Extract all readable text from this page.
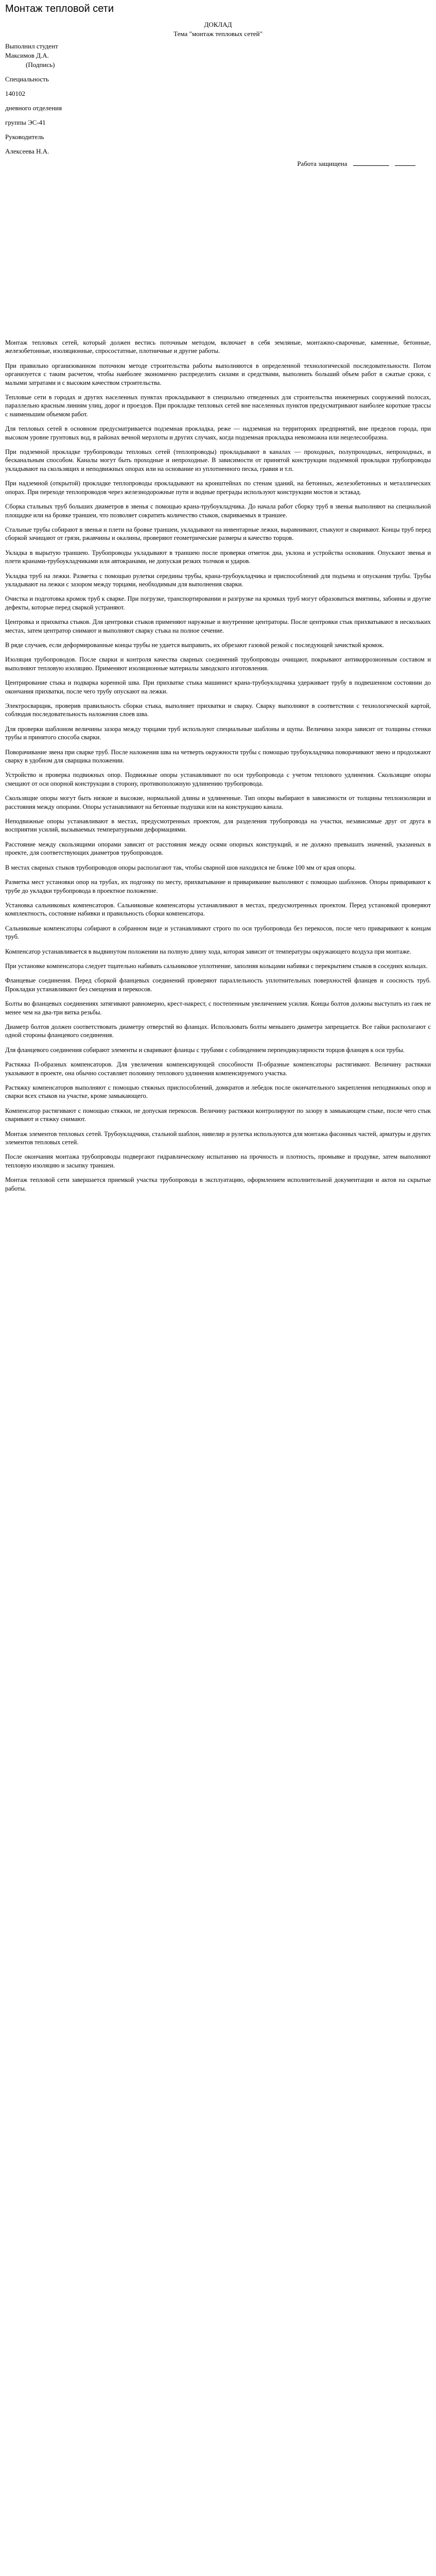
Монтаж тепловой сети
ДОКЛАД
Тема "монтаж тепловых сетей"
Выполнил студент
Максимов Д.А.
(Подпись)
Специальность
140102
дневного отделения
группы ЭС-41
Руководитель
Алексеева Н.А.
Работа защищена

Монтаж тепловых сетей, который должен вестись поточным методом, включает в себя земляные, монтажно-сварочные, каменные, бетонные, железобетонные, изоляционные, спросостатные, плотничные и другие работы.

При правильно организованном поточном методе строительства работы выполняются в определенной технологической последовательности. Потом организуется с таким расчетом, чтобы наиболее экономично распределить силами и средствами, выполнить больший объем работ в сжатые сроки, с малыми затратами и с высоким качеством строительства.

Тепловые сети в городах и других населенных пунктах прокладывают в специально отведенных для строительства инженерных сооружений полосах, параллельно красным линиям улиц, дорог и проездов. При прокладке тепловых сетей вне населенных пунктов предусматривают наиболее короткие трассы с наименьшим объемом работ.

Для тепловых сетей в основном предусматривается подземная прокладка, реже — надземная на территориях предприятий, вне пределов города, при высоком уровне грунтовых вод, в районах вечной мерзлоты и других случаях, когда подземная прокладка невозможна или нецелесообразна.

При подземной прокладке трубопроводы тепловых сетей (теплопроводы) прокладывают в каналах — проходных, полупроходных, непроходных, и бесканальным способом. Каналы могут быть проходные и непроходные. В зависимости от принятой конструкции подземной прокладки трубопроводы укладывают на скользящих и неподвижных опорах или на основание из уплотненного песка, гравия и т.п.

При надземной (открытой) прокладке теплопроводы прокладывают на кронштейнах по стенам зданий, на бетонных, железобетонных и металлических опорах. При переходе теплопроводов через железнодорожные пути и водные преграды используют конструкции мостов и эстакад.

Сборка стальных труб больших диаметров в звенья с помощью крана-трубоукладчика. До начала работ сборку труб в звенья выполняют на специальной площадке или на бровке траншеи, что позволяет сократить количество стыков, свариваемых в траншее.

Стальные трубы собирают в звенья и плети на бровке траншеи, укладывают на инвентарные лежки, выравнивают, стыкуют и сваривают. Концы труб перед сборкой зачищают от грязи, ржавчины и окалины, проверяют геометрические размеры и качество торцов.

Укладка в вырытую траншею. Трубопроводы укладывают в траншею после проверки отметок дна, уклона и устройства основания. Опускают звенья и плети кранами-трубоукладчиками или автокранами, не допуская резких толчков и ударов.

Укладка труб на лежки. Разметка с помощью рулетки середины трубы, крана-трубоукладчика и приспособлений для подъема и опускания трубы. Трубы укладывают на лежки с зазором между торцами, необходимым для выполнения сварки.

Очистка и подготовка кромок труб к сварке. При погрузке, транспортировании и разгрузке на кромках труб могут образоваться вмятины, забоины и другие дефекты, которые перед сваркой устраняют.

Центровка и прихватка стыков. Для центровки стыков применяют наружные и внутренние центраторы. После центровки стык прихватывают в нескольких местах, затем центратор снимают и выполняют сварку стыка на полное сечение.

В ряде случаев, если деформированные концы трубы не удается выправить, их обрезают газовой резкой с последующей зачисткой кромок.

Изоляция трубопроводов. После сварки и контроля качества сварных соединений трубопроводы очищают, покрывают антикоррозионным составом и выполняют тепловую изоляцию. Применяют изоляционные материалы заводского изготовления.

Центрирование стыка и подварка коренной шва. При прихватке стыка машинист крана-трубоукладчика удерживает трубу в подвешенном состоянии до окончания прихватки, после чего трубу опускают на лежки.

Электросварщик, проверив правильность сборки стыка, выполняет прихватки и сварку. Сварку выполняют в соответствии с технологической картой, соблюдая последовательность наложения слоев шва.

Для проверки шаблоном величины зазора между торцами труб используют специальные шаблоны и щупы. Величина зазора зависит от толщины стенки трубы и принятого способа сварки.

Поворачивание звена при сварке труб. После наложения шва на четверть окружности трубы с помощью трубоукладчика поворачивают звено и продолжают сварку в удобном для сварщика положении.

Устройство и проверка подвижных опор. Подвижные опоры устанавливают по оси трубопровода с учетом теплового удлинения. Скользящие опоры смещают от оси опорной конструкции в сторону, противоположную удлинению трубопровода.

Скользящие опоры могут быть низкие и высокие, нормальной длины и удлиненные. Тип опоры выбирают в зависимости от толщины теплоизоляции и расстояния между опорами. Опоры устанавливают на бетонные подушки или на конструкцию канала.

Неподвижные опоры устанавливают в местах, предусмотренных проектом, для разделения трубопровода на участки, независимые друг от друга в восприятии усилий, вызываемых температурными деформациями.

Расстояние между скользящими опорами зависит от расстояния между осями опорных конструкций, и не должно превышать значений, указанных в проекте, для соответствующих диаметров трубопроводов.

В местах сварных стыков трубопроводов опоры располагают так, чтобы сварной шов находился не ближе 100 мм от края опоры.

Разметка мест установки опор на трубах, их подгонку по месту, прихватывание и приваривание выполняют с помощью шаблонов. Опоры приваривают к трубе до укладки трубопровода в проектное положение.

Установка сальниковых компенсаторов. Сальниковые компенсаторы устанавливают в местах, предусмотренных проектом. Перед установкой проверяют комплектность, состояние набивки и правильность сборки компенсатора.

Сальниковые компенсаторы собирают в собранном виде и устанавливают строго по оси трубопровода без перекосов, после чего приваривают к концам труб.

Компенсатор устанавливается в выдвинутом положении на полную длину хода, которая зависит от температуры окружающего воздуха при монтаже.

При установке компенсатора следует тщательно набивать сальниковое уплотнение, заполняя кольцами набивки с перекрытием стыков в соседних кольцах.

Фланцевые соединения. Перед сборкой фланцевых соединений проверяют параллельность уплотнительных поверхностей фланцев и соосность труб. Прокладки устанавливают без смещения и перекосов.

Болты во фланцевых соединениях затягивают равномерно, крест-накрест, с постепенным увеличением усилия. Концы болтов должны выступать из гаек не менее чем на два-три витка резьбы.

Диаметр болтов должен соответствовать диаметру отверстий во фланцах. Использовать болты меньшего диаметра запрещается. Все гайки располагают с одной стороны фланцевого соединения.

Для фланцевого соединения собирают элементы и сваривают фланцы с трубами с соблюдением перпендикулярности торцов фланцев к оси трубы.

Растяжка П-образных компенсаторов. Для увеличения компенсирующей способности П-образные компенсаторы растягивают. Величину растяжки указывают в проекте, она обычно составляет половину теплового удлинения компенсируемого участка.

Растяжку компенсаторов выполняют с помощью стяжных приспособлений, домкратов и лебедок после окончательного закрепления неподвижных опор и сварки всех стыков на участке, кроме замыкающего.

Компенсатор растягивают с помощью стяжки, не допуская перекосов. Величину растяжки контролируют по зазору в замыкающем стыке, после чего стык сваривают и стяжку снимают.

Монтаж элементов тепловых сетей. Трубоукладчики, стальной шаблон, нивелир и рулетка используются для монтажа фасонных частей, арматуры и других элементов тепловых сетей.

После окончания монтажа трубопроводы подвергают гидравлическому испытанию на прочность и плотность, промывке и продувке, затем выполняют тепловую изоляцию и засыпку траншеи.

Монтаж тепловой сети завершается приемкой участка трубопровода в эксплуатацию, оформлением исполнительной документации и актов на скрытые работы.
